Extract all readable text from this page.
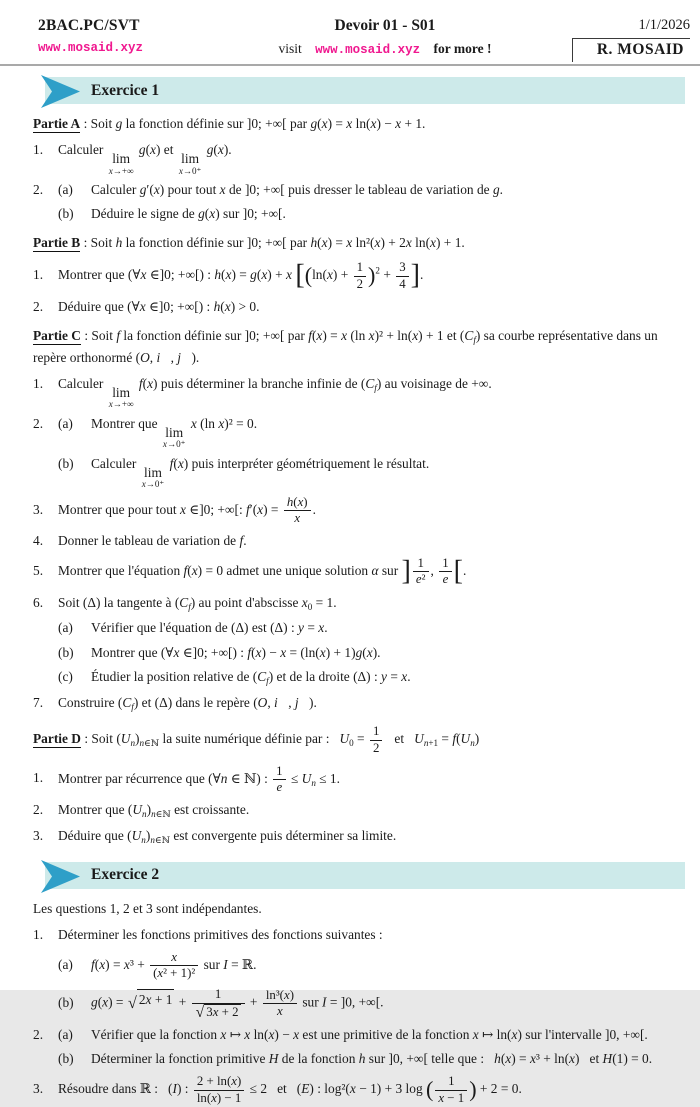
2BAC.PC/SVT
www.mosaid.xyz
Devoir 01 - S01
visit www.mosaid.xyz for more !
1/1/2026
R. MOSAID
Exercice 1
Partie A : Soit g la fonction définie sur ]0; +∞[ par g(x) = x ln(x) − x + 1.
1.	Calculer
lim
x→+∞
g(x) et
lim
x→0⁺
g(x).
2.	(a)	Calculer g′(x) pour tout x de ]0; +∞[ puis dresser le tableau de variation de g.
(b)	Déduire le signe de g(x) sur ]0; +∞[.
Partie B : Soit h la fonction définie sur ]0; +∞[ par h(x) = x ln²(x) + 2x ln(x) + 1.
1.	Montrer que (∀x ∈]0; +∞[) : h(x) = g(x) + x [$(\ln(x) + \frac{1}{2} )^2 + \frac{3}{4}$ ].
2.	Déduire que (∀x ∈]0; +∞[) : h(x) > 0.
Partie C : Soit f la fonction définie sur ]0; +∞[ par f(x) = x (ln x)² + ln(x) + 1 et $(C_f)$ sa courbe représentative dans un repère orthonormé (O, i⃗, j⃗).
1.	Calculer
lim
x→+∞
f(x) puis déterminer la branche infinie de $(C_f)$ au voisinage de +∞.
2.	(a)	Montrer que
lim
x→0⁺
x (ln x)² = 0.
(b)	Calculer
lim
x→0⁺
f(x) puis interpréter géométriquement le résultat.
3.	Montrer que pour tout x ∈]0; +∞[: $f'(x) = \frac{h(x)}{x}$ .
4.	Donner le tableau de variation de f.
5.	Montrer que l'équation f(x) = 0 admet une unique solution α sur ] $\frac{1}{\text{e²}}$ , $\frac{1}{e}$ [.
6.	Soit (Δ) la tangente à $(C_f)$ au point d'abscisse $x_0 = 1$.
(a)	Vérifier que l'équation de (Δ) est (Δ) : y = x.
(b)	Montrer que (∀x ∈]0; +∞[) : f(x) − x = (ln(x) + 1)g(x).
(c)	Étudier la position relative de $(C_f)$ et de la droite (Δ) : y = x.
7.	Construire $(C_f)$ et (Δ) dans le repère (O, i⃗, j⃗).
Partie D : Soit $(U_n)_{n\in ℕ}$ la suite numérique définie par :  $U_0 = \frac{1}{2}$   et  $U_{n+1} = f(U_n)$
1.	Montrer par récurrence que (∀n ∈ ℕ) : $\frac{1}{e} \le U_n \le 1$.
2.	Montrer que $(U_n)_{n\in ℕ}$ est croissante.
3.	Déduire que $(U_n)_{n\in ℕ}$ est convergente puis déterminer sa limite.
Exercice 2
Les questions 1, 2 et 3 sont indépendantes.
1.	Déterminer les fonctions primitives des fonctions suivantes :
(a)	$f(x) = x^3 + \frac{x}{\text{(x² + 1)²}}$ sur I = ℝ.
(b)	g(x) = √ $2x + 1 + \frac{1}{√ 3x + 2} + \frac{\text{ln³(x)}}{x}$ sur I = ]0, +∞[.
2.	(a)	Vérifier que la fonction x ↦ x ln(x) − x est une primitive de la fonction x ↦ ln(x) sur l'intervalle ]0, +∞[.
(b)	Déterminer la fonction primitive H de la fonction h sur ]0, +∞[ telle que :  h(x) = x³ + ln(x)  et H(1) = 0.
3.	Résoudre dans ℝ :  (I) : $\frac{2 + \ln(x)}{\ln(x) - 1} \le 2$  et  (E) : log²(x − 1) + 3 log ( $\frac{1}{x - 1}$ ) + 2 = 0.
